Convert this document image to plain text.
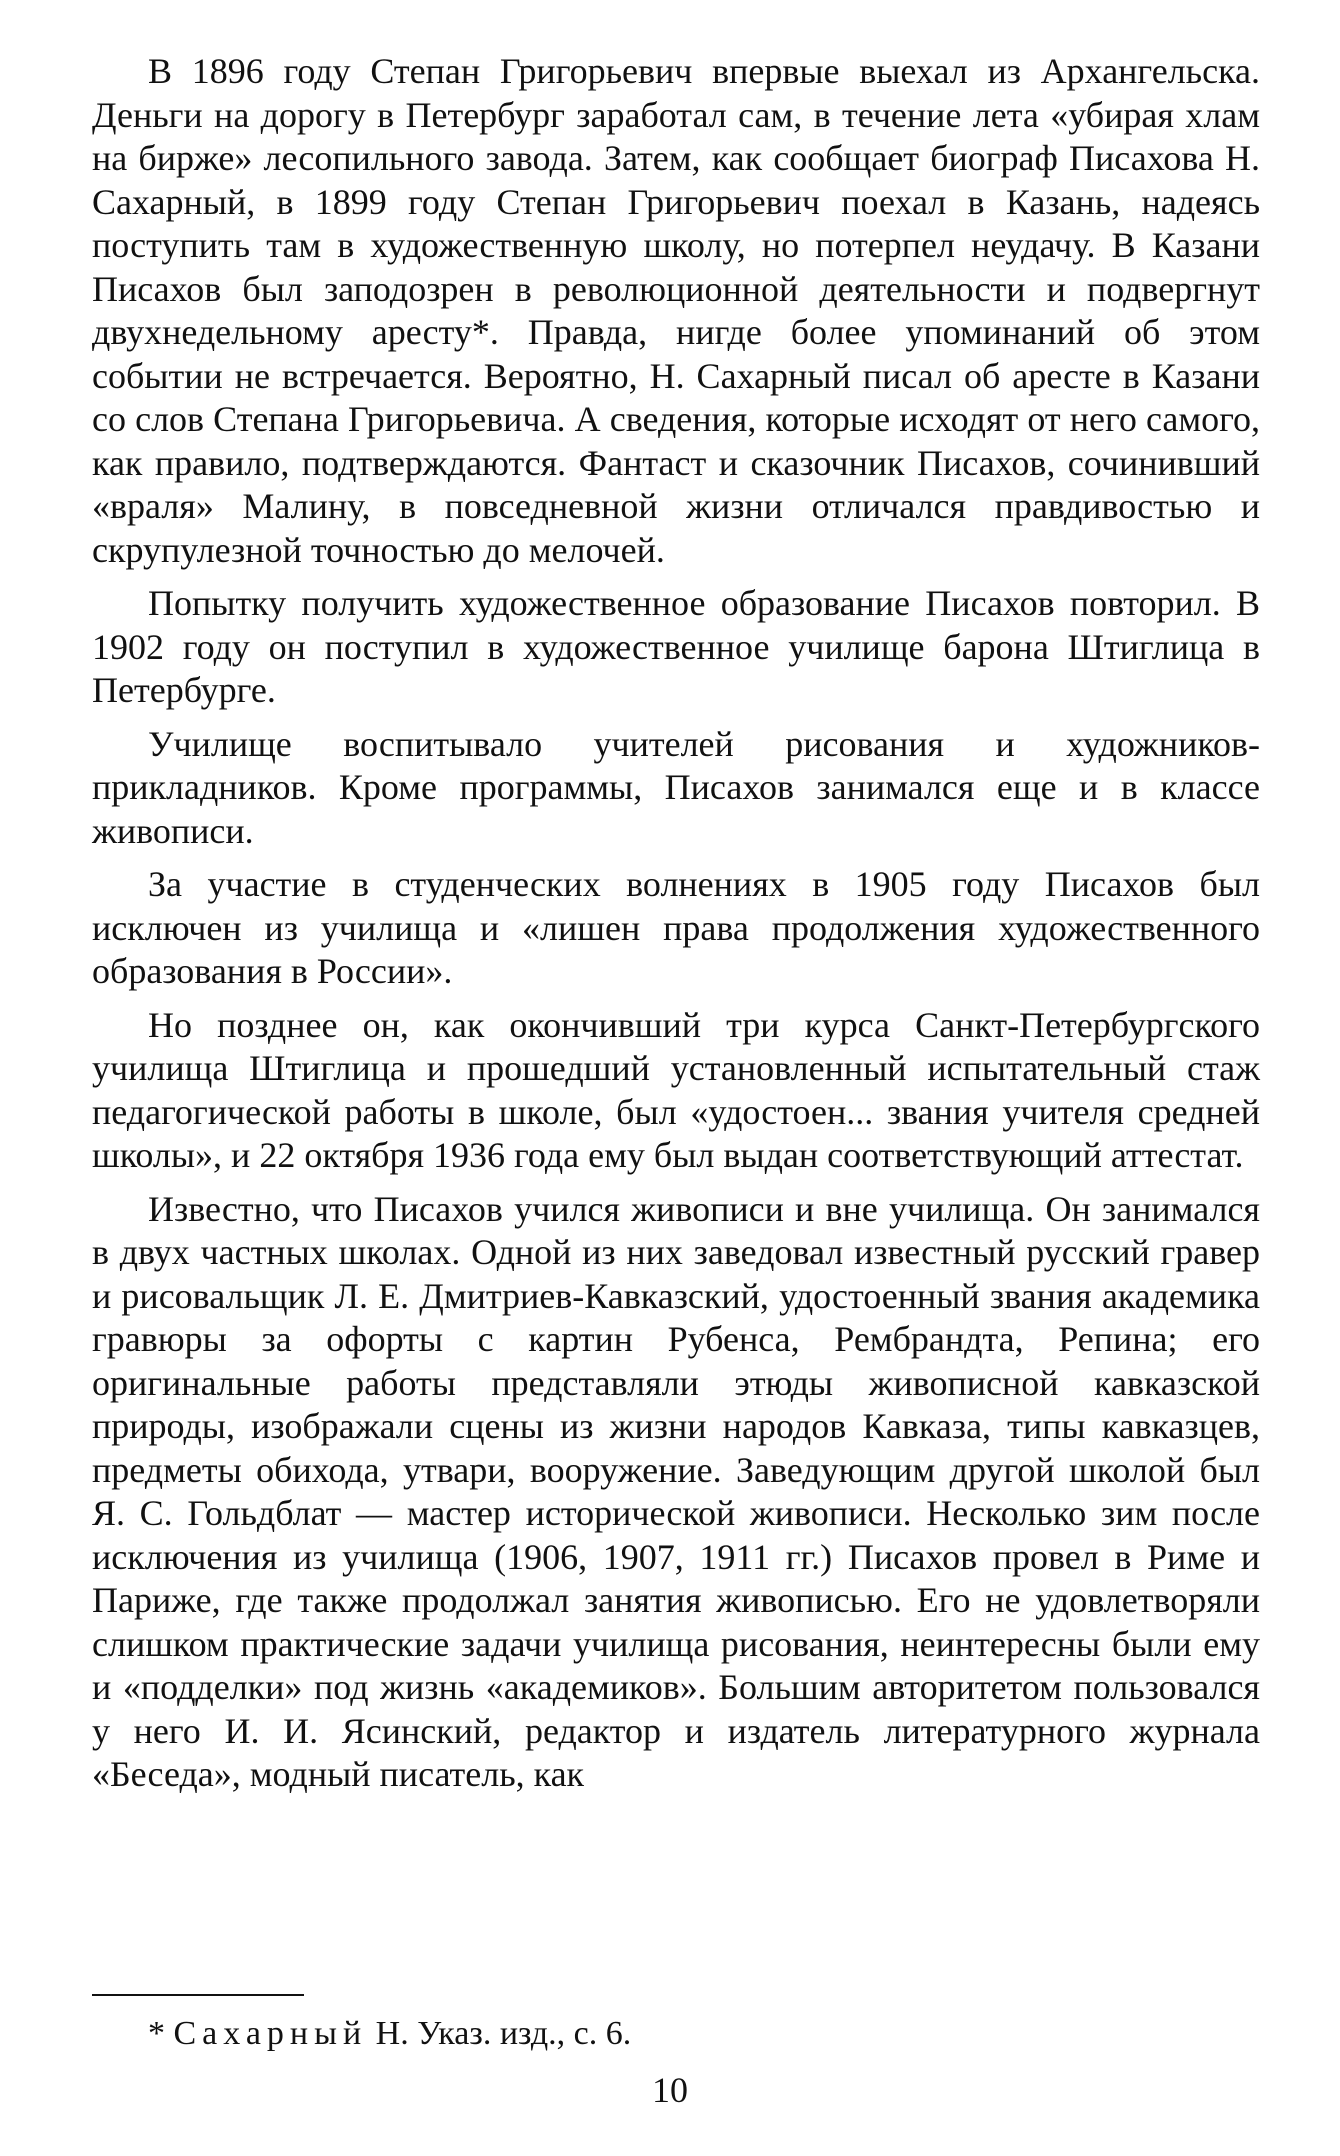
В 1896 году Степан Григорьевич впервые выехал из Архангельска. Деньги на дорогу в Петербург заработал сам, в течение лета «убирая хлам на бирже» лесопильного завода. Затем, как сообщает биограф Писахова Н. Сахарный, в 1899 году Степан Григорьевич поехал в Казань, надеясь поступить там в художественную школу, но потерпел неудачу. В Казани Писахов был заподозрен в революционной деятельности и подвергнут двухнедельному аресту*. Правда, нигде более упоминаний об этом событии не встречается. Вероятно, Н. Сахарный писал об аресте в Казани со слов Степана Григорьевича. А сведения, которые исходят от него самого, как правило, подтверждаются. Фантаст и сказочник Писахов, сочинивший «враля» Малину, в повседневной жизни отличался правдивостью и скрупулезной точностью до мелочей.

Попытку получить художественное образование Писахов повторил. В 1902 году он поступил в художественное училище барона Штиглица в Петербурге.

Училище воспитывало учителей рисования и художников-прикладников. Кроме программы, Писахов занимался еще и в классе живописи.

За участие в студенческих волнениях в 1905 году Писахов был исключен из училища и «лишен права продолжения художественного образования в России».

Но позднее он, как окончивший три курса Санкт-Петербургского училища Штиглица и прошедший установленный испытательный стаж педагогической работы в школе, был «удостоен... звания учителя средней школы», и 22 октября 1936 года ему был выдан соответствующий аттестат.

Известно, что Писахов учился живописи и вне училища. Он занимался в двух частных школах. Одной из них заведовал известный русский гравер и рисовальщик Л. Е. Дмитриев-Кавказский, удостоенный звания академика гравюры за офорты с картин Рубенса, Рембрандта, Репина; его оригинальные работы представляли этюды живописной кавказской природы, изображали сцены из жизни народов Кавказа, типы кавказцев, предметы обихода, утвари, вооружение. Заведующим другой школой был Я. С. Гольдблат — мастер исторической живописи. Несколько зим после исключения из училища (1906, 1907, 1911 гг.) Писахов провел в Риме и Париже, где также продолжал занятия живописью. Его не удовлетворяли слишком практические задачи училища рисования, неинтересны были ему и «подделки» под жизнь «академиков». Большим авторитетом пользовался у него И. И. Ясинский, редактор и издатель литературного журнала «Беседа», модный писатель, как

* Сахарный Н. Указ. изд., с. 6.
10
